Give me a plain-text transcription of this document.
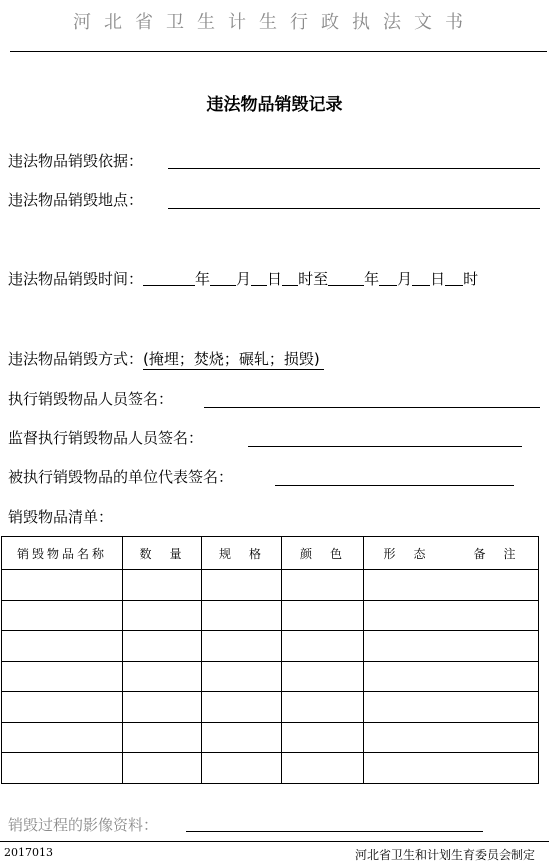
河北省卫生计生行政执法文书
违法物品销毁记录
违法物品销毁依据：
违法物品销毁地点：
违法物品销毁时间：	年 月 日 时至 年 月 日 时
违法物品销毁方式：(掩埋；焚烧；碾轧；损毁)
执行销毁物品人员签名：
监督执行销毁物品人员签名：
被执行销毁物品的单位代表签名：
销毁物品清单：
销毁物品名称	数　量	规　格	颜　色	形　态　　　备　注

销毁过程的影像资料：
2017013	河北省卫生和计划生育委员会制定
